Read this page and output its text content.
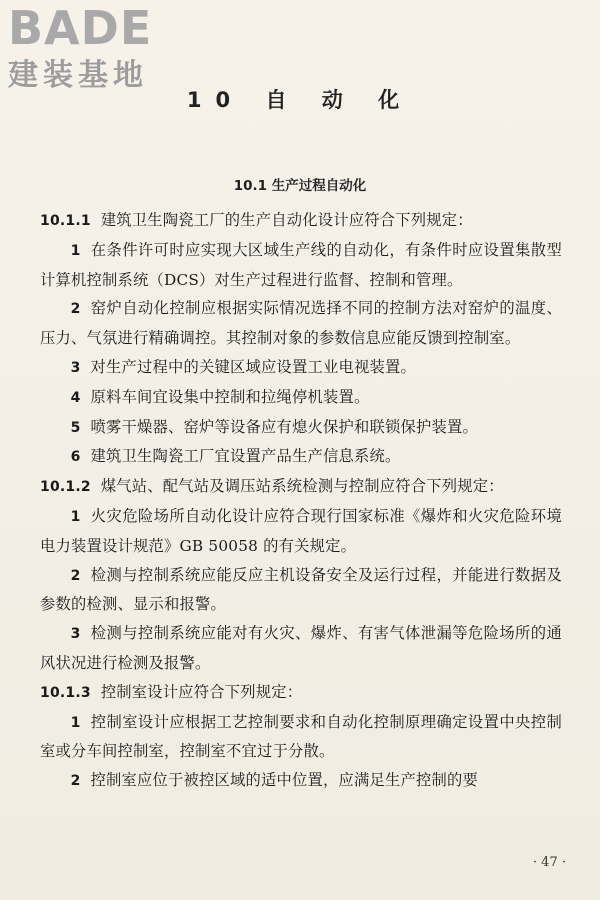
BADE
建装基地
10 自 动 化
10.1 生产过程自动化

10.1.1 建筑卫生陶瓷工厂的生产自动化设计应符合下列规定：

1 在条件许可时应实现大区域生产线的自动化，有条件时应设置集散型计算机控制系统（DCS）对生产过程进行监督、控制和管理。

2 窑炉自动化控制应根据实际情况选择不同的控制方法对窑炉的温度、压力、气氛进行精确调控。其控制对象的参数信息应能反馈到控制室。

3 对生产过程中的关键区域应设置工业电视装置。

4 原料车间宜设集中控制和拉绳停机装置。

5 喷雾干燥器、窑炉等设备应有熄火保护和联锁保护装置。

6 建筑卫生陶瓷工厂宜设置产品生产信息系统。

10.1.2 煤气站、配气站及调压站系统检测与控制应符合下列规定：

1 火灾危险场所自动化设计应符合现行国家标准《爆炸和火灾危险环境电力装置设计规范》GB 50058 的有关规定。

2 检测与控制系统应能反应主机设备安全及运行过程，并能进行数据及参数的检测、显示和报警。

3 检测与控制系统应能对有火灾、爆炸、有害气体泄漏等危险场所的通风状况进行检测及报警。

10.1.3 控制室设计应符合下列规定：

1 控制室设计应根据工艺控制要求和自动化控制原理确定设置中央控制室或分车间控制室，控制室不宜过于分散。

2 控制室应位于被控区域的适中位置，应满足生产控制的要

· 47 ·
